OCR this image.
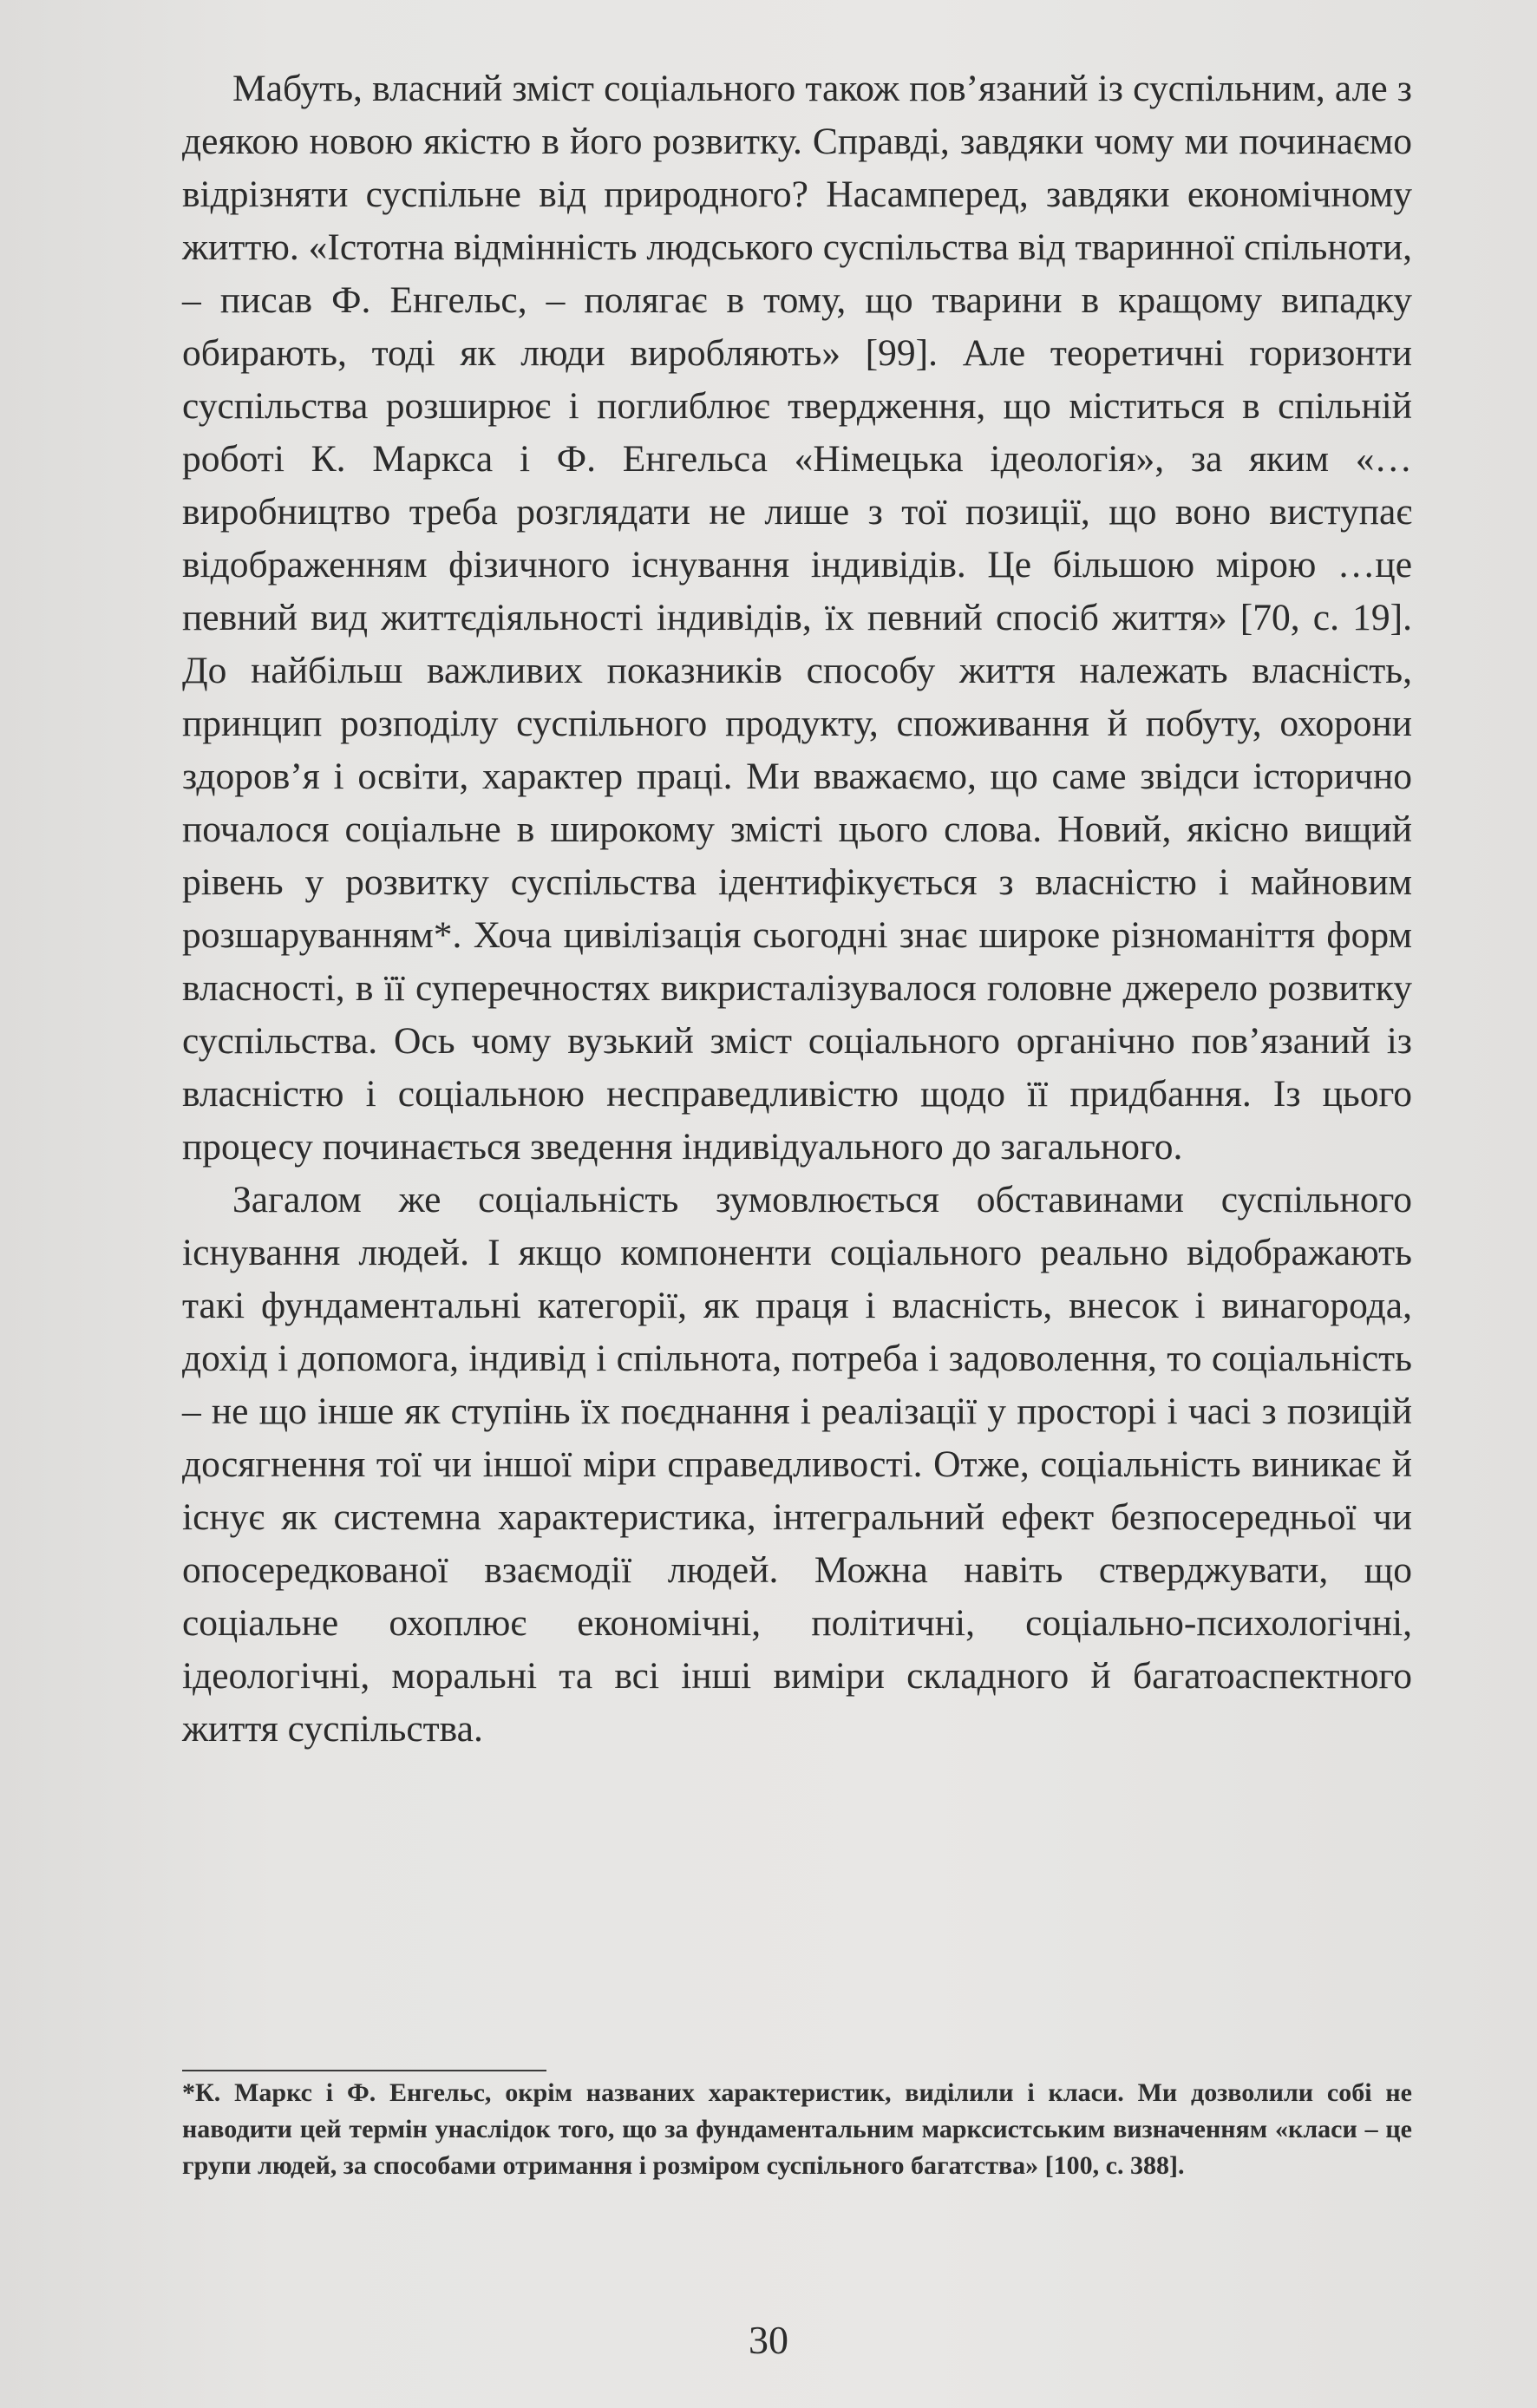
Мабуть, власний зміст соціального також пов’язаний із суспільним, але з деякою новою якістю в його розвитку. Справді, завдяки чому ми починаємо відрізняти суспільне від природного? Насамперед, завдяки економічному життю. «Істотна відмінність людського суспільства від тваринної спільноти, – писав Ф. Енгельс, – полягає в тому, що тварини в кращому випадку обирають, тоді як люди виробляють» [99]. Але теоретичні горизонти суспільства розширює і поглиблює твердження, що міститься в спільній роботі К. Маркса і Ф. Енгельса «Німецька ідеологія», за яким «…виробництво треба розглядати не лише з тої позиції, що воно виступає відображенням фізичного існування індивідів. Це більшою мірою …це певний вид життєдіяльності індивідів, їх певний спосіб життя» [70, с. 19]. До найбільш важливих показників способу життя належать власність, принцип розподілу суспільного продукту, споживання й побуту, охорони здоров’я і освіти, характер праці. Ми вважаємо, що саме звідси історично почалося соціальне в широкому змісті цього слова. Новий, якісно вищий рівень у розвитку суспільства ідентифікується з власністю і майновим розшаруванням*. Хоча цивілізація сьогодні знає широке різноманіття форм власності, в її суперечностях викристалізувалося головне джерело розвитку суспільства. Ось чому вузький зміст соціального органічно пов’язаний із власністю і соціальною несправедливістю щодо її придбання. Із цього процесу починається зведення індивідуального до загального.

Загалом же соціальність зумовлюється обставинами суспільного існування людей. І якщо компоненти соціального реально відображають такі фундаментальні категорії, як праця і власність, внесок і винагорода, дохід і допомога, індивід і спільнота, потреба і задоволення, то соціальність – не що інше як ступінь їх поєднання і реалізації у просторі і часі з позицій досягнення тої чи іншої міри справедливості. Отже, соціальність виникає й існує як системна характеристика, інтегральний ефект безпосередньої чи опосередкованої взаємодії людей. Можна навіть стверджувати, що соціальне охоплює економічні, політичні, соціально-психологічні, ідеологічні, моральні та всі інші виміри складного й багатоаспектного життя суспільства.

*К. Маркс і Ф. Енгельс, окрім названих характеристик, виділили і класи. Ми дозволили собі не наводити цей термін унаслідок того, що за фундаментальним марксистським визначенням «класи – це групи людей, за способами отримання і розміром суспільного багатства» [100, с. 388].

30
